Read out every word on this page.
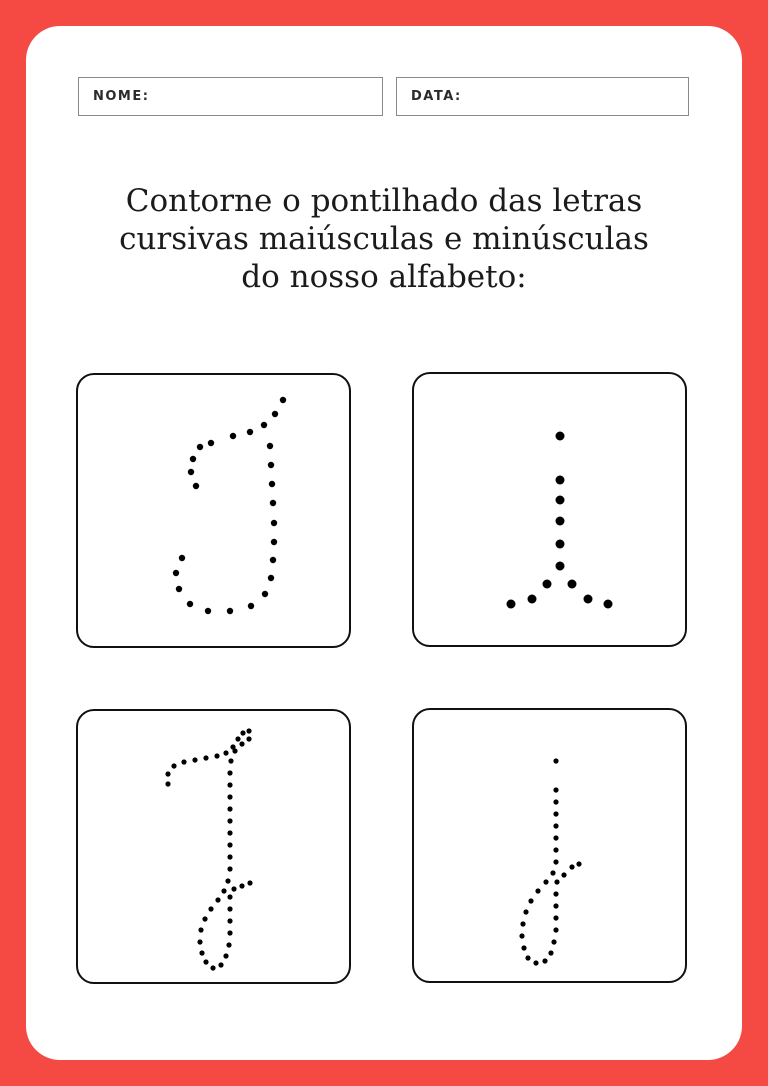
NOME:	DATA:
Contorne o pontilhado das letras
cursivas maiúsculas e minúsculas
do nosso alfabeto:
